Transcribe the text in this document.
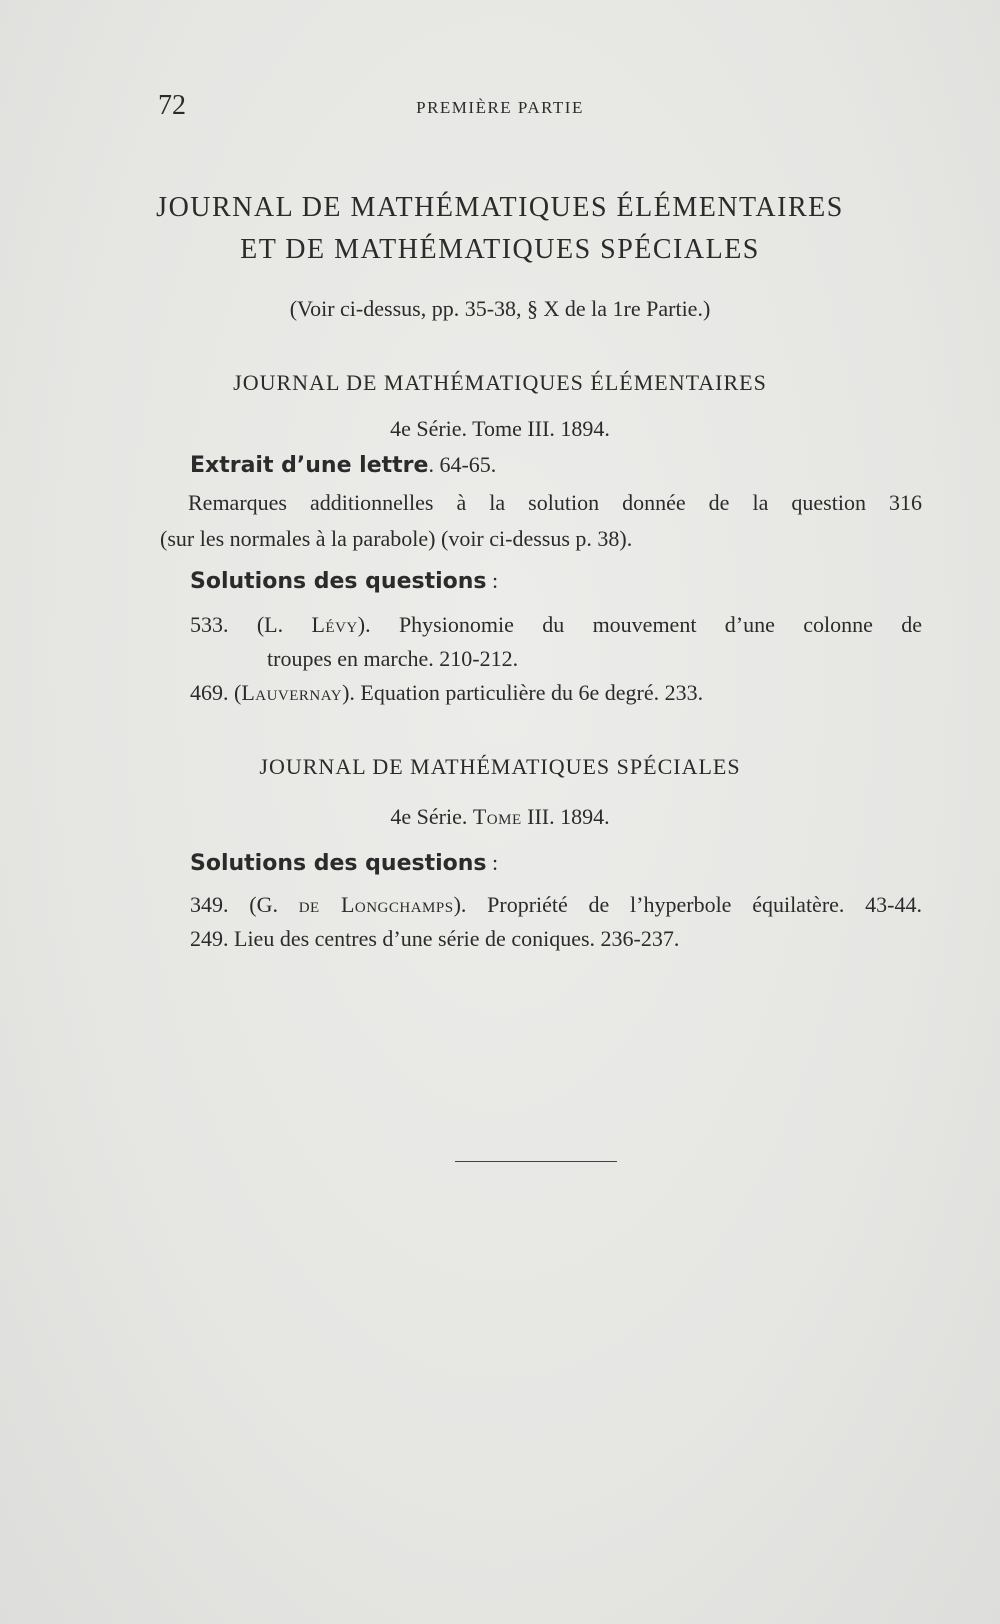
72	PREMIÈRE PARTIE
JOURNAL DE MATHÉMATIQUES ÉLÉMENTAIRES
ET DE MATHÉMATIQUES SPÉCIALES
(Voir ci-dessus, pp. 35-38, § X de la 1re Partie.)
JOURNAL DE MATHÉMATIQUES ÉLÉMENTAIRES
4e Série. Tome III. 1894.
Extrait d’une lettre. 64-65.
Remarques additionnelles à la solution donnée de la question 316
(sur les normales à la parabole) (voir ci-dessus p. 38).
Solutions des questions :
533. (L. Lévy). Physionomie du mouvement d’une colonne de
troupes en marche. 210-212.
469. (Lauvernay). Equation particulière du 6e degré. 233.
JOURNAL DE MATHÉMATIQUES SPÉCIALES
4e Série. Tome III. 1894.
Solutions des questions :
349. (G. de Longchamps). Propriété de l’hyperbole équilatère. 43-44.
249. Lieu des centres d’une série de coniques. 236-237.
